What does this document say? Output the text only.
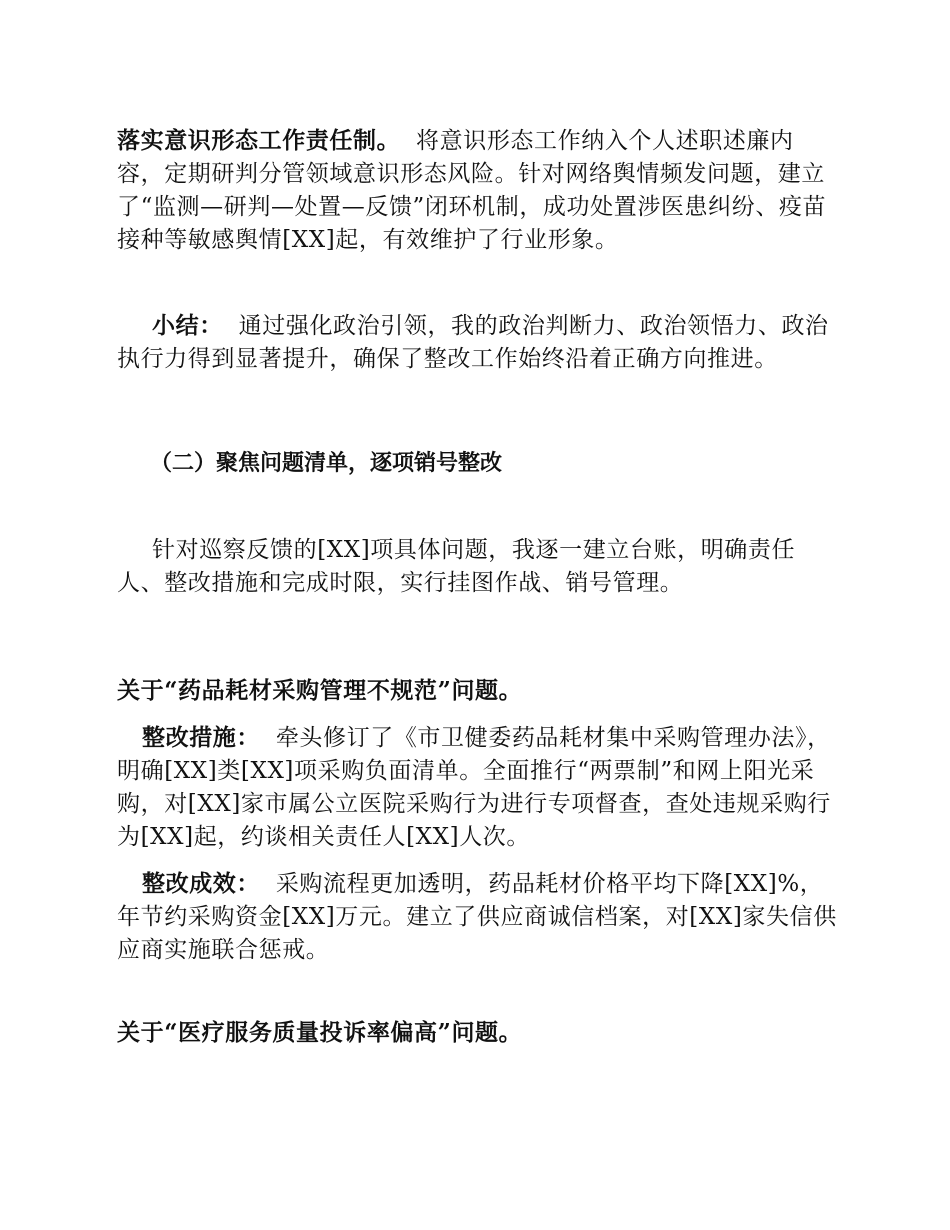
落实意识形态工作责任制。 将意识形态工作纳入个人述职述廉内容，定期研判分管领域意识形态风险。针对网络舆情频发问题，建立了“监测—研判—处置—反馈”闭环机制，成功处置涉医患纠纷、疫苗接种等敏感舆情[XX]起，有效维护了行业形象。

小结： 通过强化政治引领，我的政治判断力、政治领悟力、政治执行力得到显著提升，确保了整改工作始终沿着正确方向推进。

（二）聚焦问题清单，逐项销号整改

针对巡察反馈的[XX]项具体问题，我逐一建立台账，明确责任人、整改措施和完成时限，实行挂图作战、销号管理。

关于“药品耗材采购管理不规范”问题。

整改措施： 牵头修订了《市卫健委药品耗材集中采购管理办法》，明确[XX]类[XX]项采购负面清单。全面推行“两票制”和网上阳光采购，对[XX]家市属公立医院采购行为进行专项督查，查处违规采购行为[XX]起，约谈相关责任人[XX]人次。

整改成效： 采购流程更加透明，药品耗材价格平均下降[XX]%，年节约采购资金[XX]万元。建立了供应商诚信档案，对[XX]家失信供应商实施联合惩戒。

关于“医疗服务质量投诉率偏高”问题。
